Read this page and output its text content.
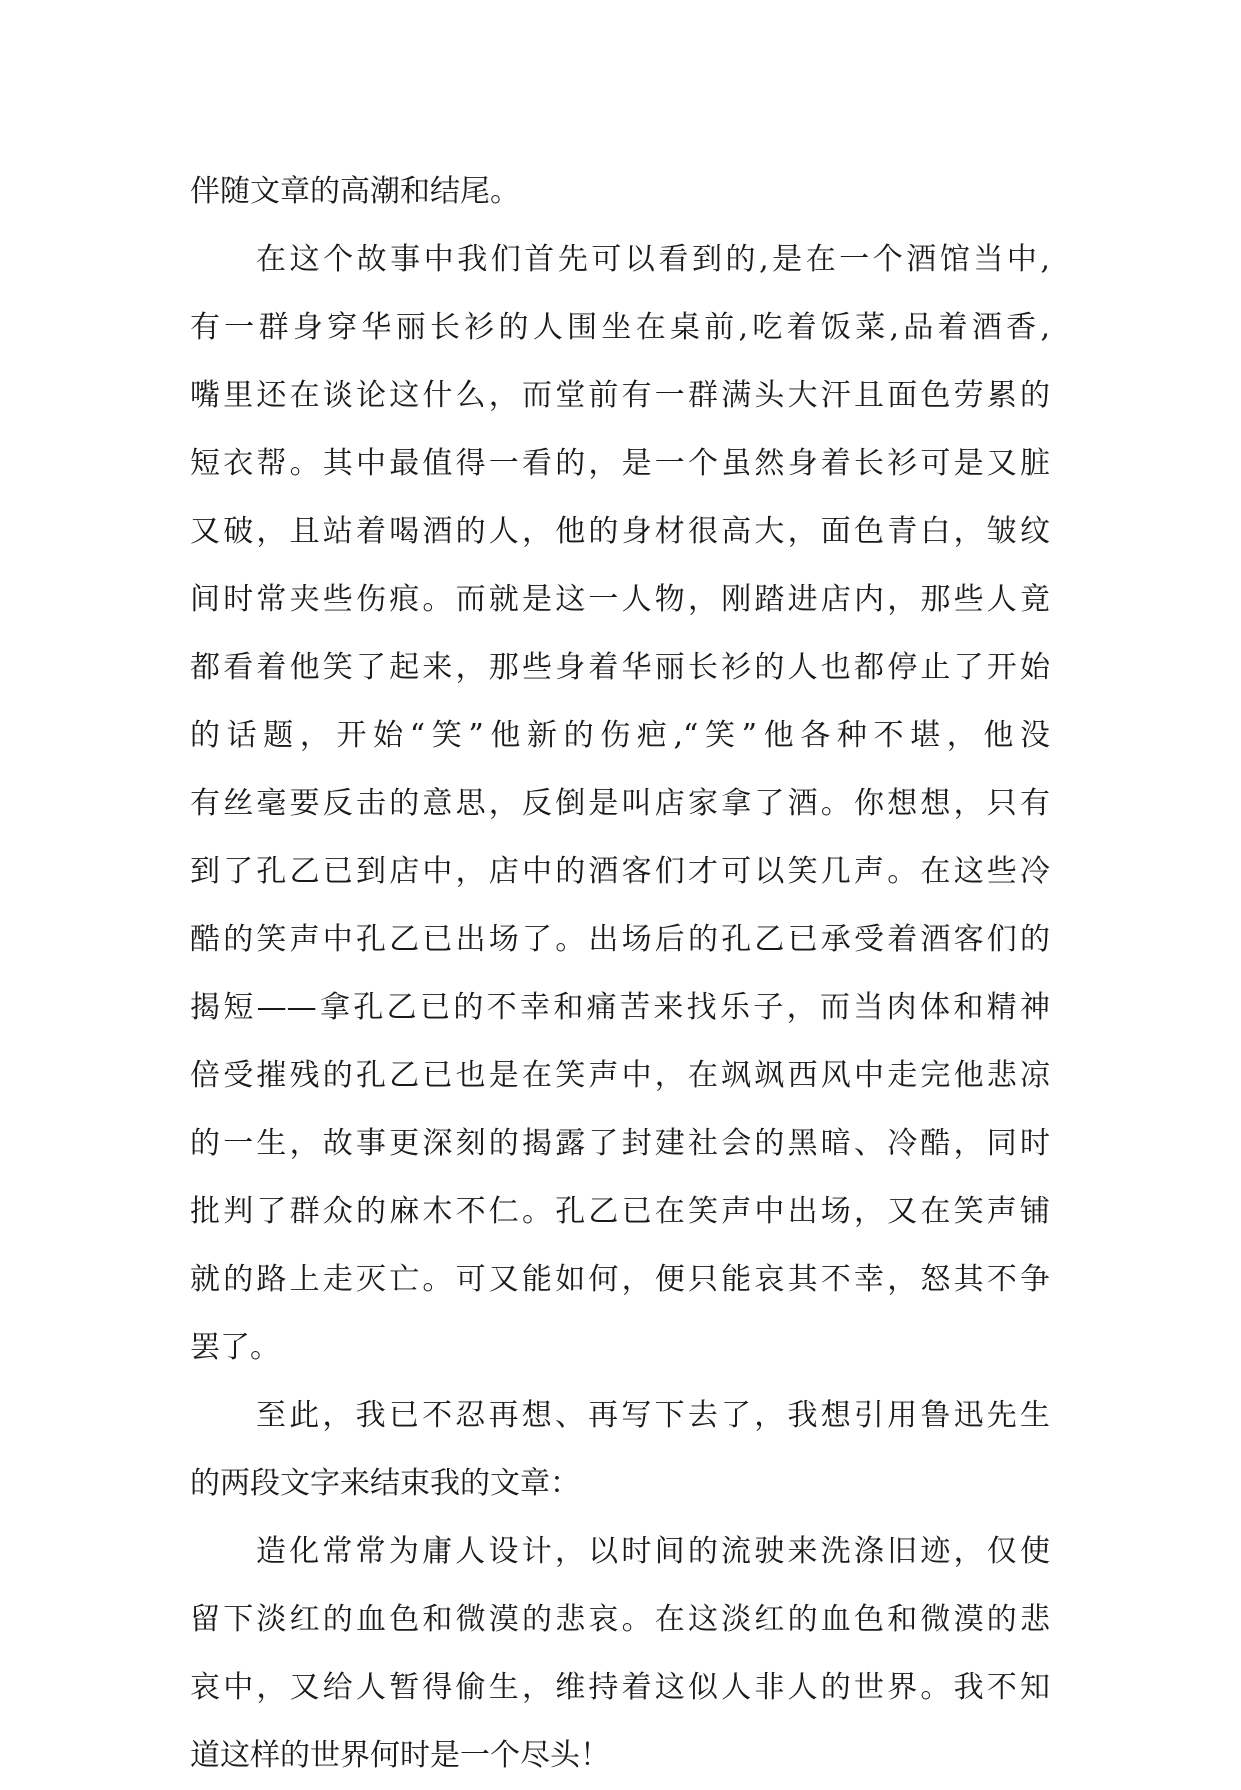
伴随文章的高潮和结尾。
在这个故事中我们首先可以看到的,是在一个酒馆当中,
有一群身穿华丽长衫的人围坐在桌前,吃着饭菜,品着酒香,
嘴里还在谈论这什么，而堂前有一群满头大汗且面色劳累的
短衣帮。其中最值得一看的，是一个虽然身着长衫可是又脏
又破，且站着喝酒的人，他的身材很高大，面色青白，皱纹
间时常夹些伤痕。而就是这一人物，刚踏进店内，那些人竟
都看着他笑了起来，那些身着华丽长衫的人也都停止了开始
的话题，开始“笑”他新的伤疤,“笑”他各种不堪，他没
有丝毫要反击的意思，反倒是叫店家拿了酒。你想想，只有
到了孔乙已到店中，店中的酒客们才可以笑几声。在这些冷
酷的笑声中孔乙已出场了。出场后的孔乙已承受着酒客们的
揭短——拿孔乙已的不幸和痛苦来找乐子，而当肉体和精神
倍受摧残的孔乙已也是在笑声中，在飒飒西风中走完他悲凉
的一生，故事更深刻的揭露了封建社会的黑暗、冷酷，同时
批判了群众的麻木不仁。孔乙已在笑声中出场，又在笑声铺
就的路上走灭亡。可又能如何，便只能哀其不幸，怒其不争
罢了。
至此，我已不忍再想、再写下去了，我想引用鲁迅先生
的两段文字来结束我的文章：
造化常常为庸人设计，以时间的流驶来洗涤旧迹，仅使
留下淡红的血色和微漠的悲哀。在这淡红的血色和微漠的悲
哀中，又给人暂得偷生，维持着这似人非人的世界。我不知
道这样的世界何时是一个尽头！
